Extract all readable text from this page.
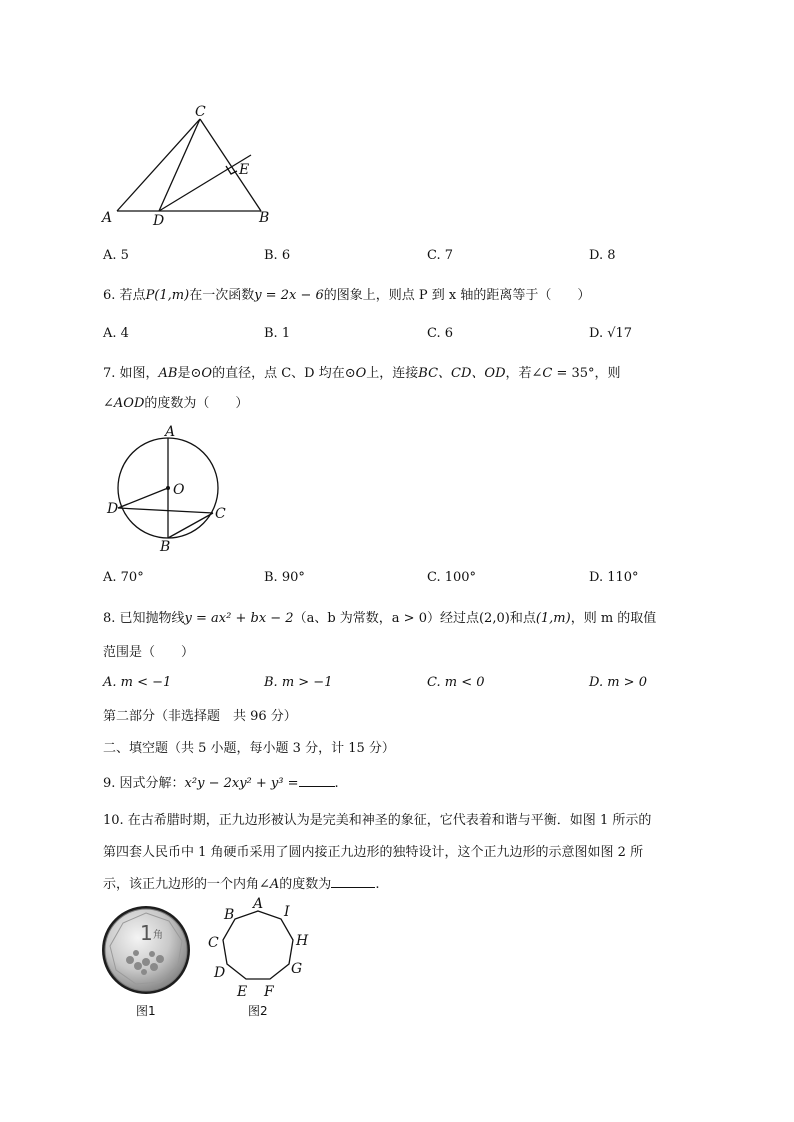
C
E
A	D	B
A. 5	B. 6	C. 7	D. 8
6. 若点P(1,m)在一次函数y = 2x − 6的图象上，则点 P 到 x 轴的距离等于（　　）
A. 4	B. 1	C. 6	D. √17
7. 如图，AB是⊙O的直径，点 C、D 均在⊙O上，连接BC、CD、OD，若∠C = 35°，则
∠AOD的度数为（　　）
A
O
D	C
B
A. 70°	B. 90°	C. 100°	D. 110°
8. 已知抛物线y = ax² + bx − 2（a、b 为常数，a > 0）经过点(2,0)和点(1,m)，则 m 的取值
范围是（　　）
A. m < −1	B. m > −1	C. m < 0	D. m > 0
第二部分（非选择题　共 96 分）
二、填空题（共 5 小题，每小题 3 分，计 15 分）
9. 因式分解：x²y − 2xy² + y³ =	.
10. 在古希腊时期，正九边形被认为是完美和神圣的象征，它代表着和谐与平衡．如图 1 所示的
第四套人民币中 1 角硬币采用了圆内接正九边形的独特设计，这个正九边形的示意图如图 2 所
示，该正九边形的一个内角∠A的度数为	.
1 角
图1
A
B
C
D
E F
G
H
I
图2
